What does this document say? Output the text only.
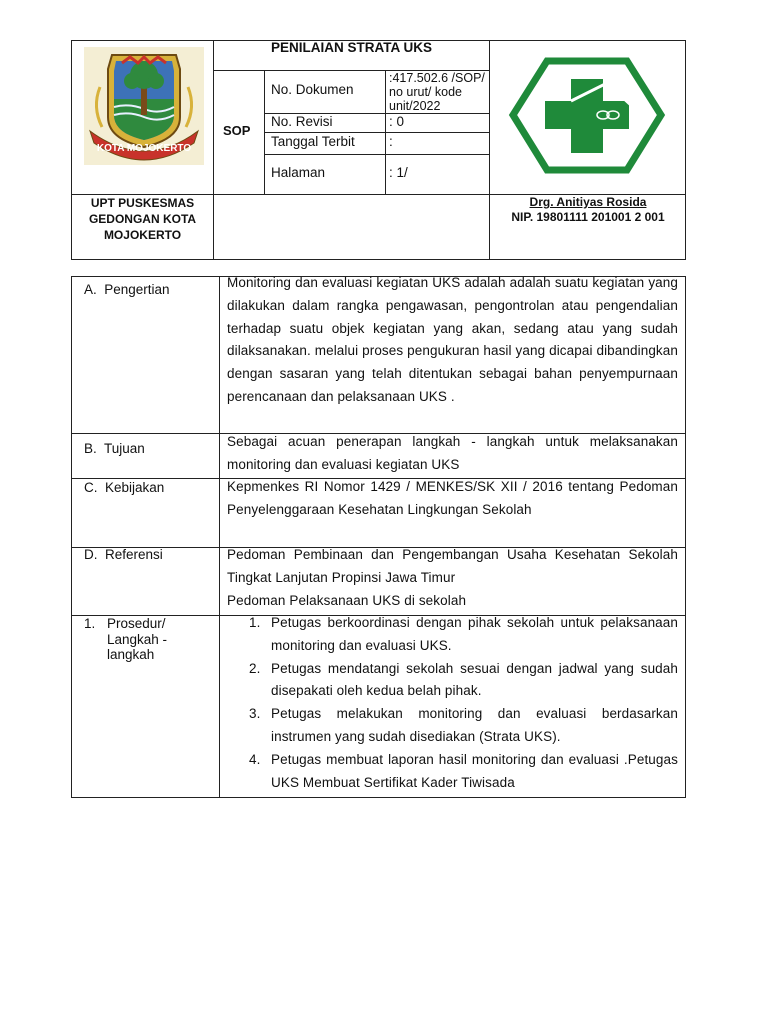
PENILAIAN STRATA UKS
SOP
No. Dokumen
:417.502.6 /SOP/ no urut/ kode unit/2022
No. Revisi	: 0
Tanggal Terbit	:
Halaman	: 1/
UPT PUSKESMAS GEDONGAN KOTA MOJOKERTO
Drg. Anitiyas Rosida
NIP. 19801111 201001 2 001
KOTA MOJOKERTO
A.  Pengertian	Monitoring dan evaluasi kegiatan UKS adalah adalah suatu kegiatan yang dilakukan dalam rangka pengawasan, pengontrolan atau pengendalian terhadap suatu objek kegiatan yang akan, sedang atau yang sudah dilaksanakan. melalui proses pengukuran hasil yang dicapai dibandingkan dengan sasaran yang telah ditentukan sebagai bahan penyempurnaan perencanaan dan pelaksanaan UKS .
B.  Tujuan	Sebagai acuan penerapan langkah - langkah untuk melaksanakan monitoring dan evaluasi kegiatan UKS
C.  Kebijakan	Kepmenkes RI Nomor 1429 / MENKES/SK XII / 2016 tentang Pedoman Penyelenggaraan Kesehatan Lingkungan Sekolah
D.  Referensi	Pedoman Pembinaan dan Pengembangan Usaha Kesehatan Sekolah Tingkat Lanjutan Propinsi Jawa Timur
Pedoman Pelaksanaan UKS di sekolah
1. Prosedur/ Langkah - langkah
1. Petugas berkoordinasi dengan pihak sekolah untuk pelaksanaan monitoring dan evaluasi UKS.
2. Petugas mendatangi sekolah sesuai dengan jadwal yang sudah disepakati oleh kedua belah pihak.
3. Petugas melakukan monitoring dan evaluasi berdasarkan instrumen yang sudah disediakan (Strata UKS).
4. Petugas membuat laporan hasil monitoring dan evaluasi .Petugas UKS Membuat Sertifikat Kader Tiwisada
